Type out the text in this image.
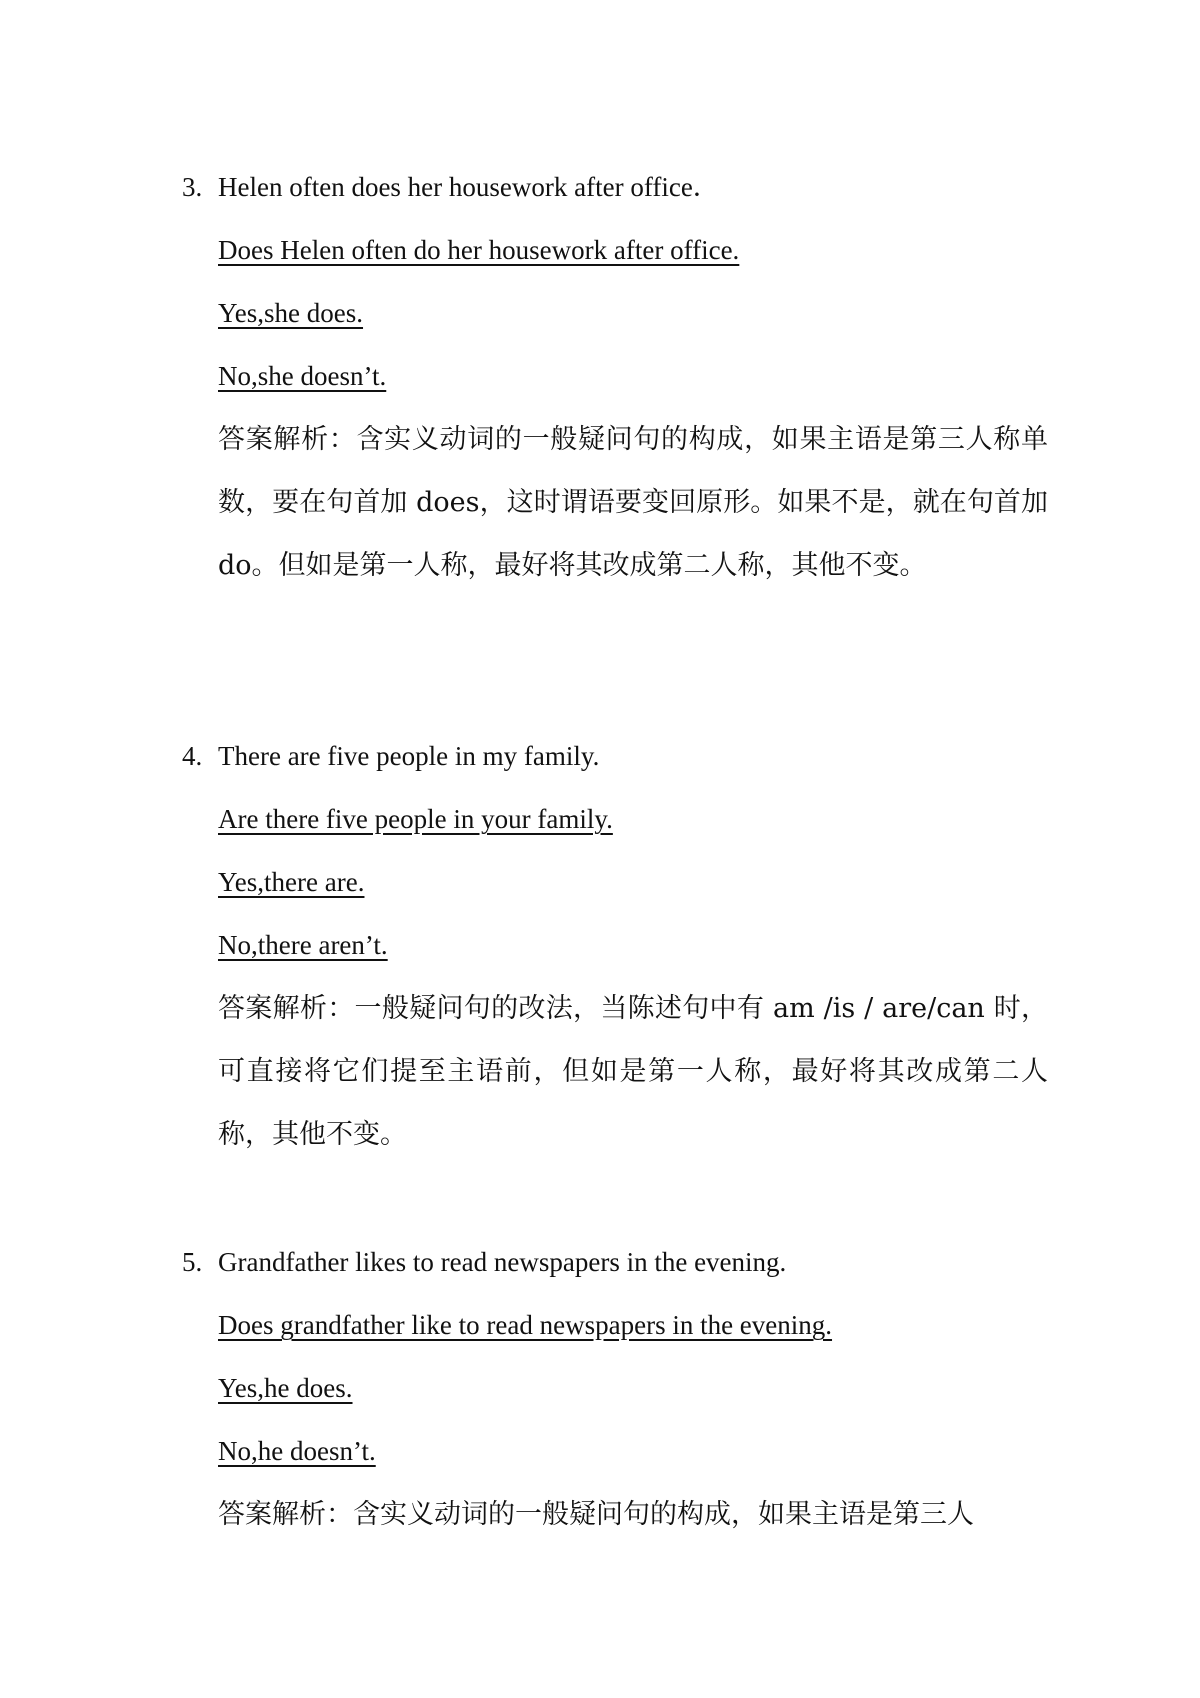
3. Helen often does her housework after office．
Does Helen often do her housework after office.
Yes,she does.
No,she doesn’t.
答案解析：含实义动词的一般疑问句的构成，如果主语是第三人称单数，要在句首加 does，这时谓语要变回原形。如果不是，就在句首加 do。但如是第一人称，最好将其改成第二人称，其他不变。
4. There are five people in my family.
Are there five people in your family.
Yes,there are.
No,there aren’t.
答案解析：一般疑问句的改法，当陈述句中有 am /is / are/can 时，可直接将它们提至主语前，但如是第一人称，最好将其改成第二人称，其他不变。
5. Grandfather likes to read newspapers in the evening.
Does grandfather like to read newspapers in the evening.
Yes,he does.
No,he doesn’t.
答案解析：含实义动词的一般疑问句的构成，如果主语是第三人
